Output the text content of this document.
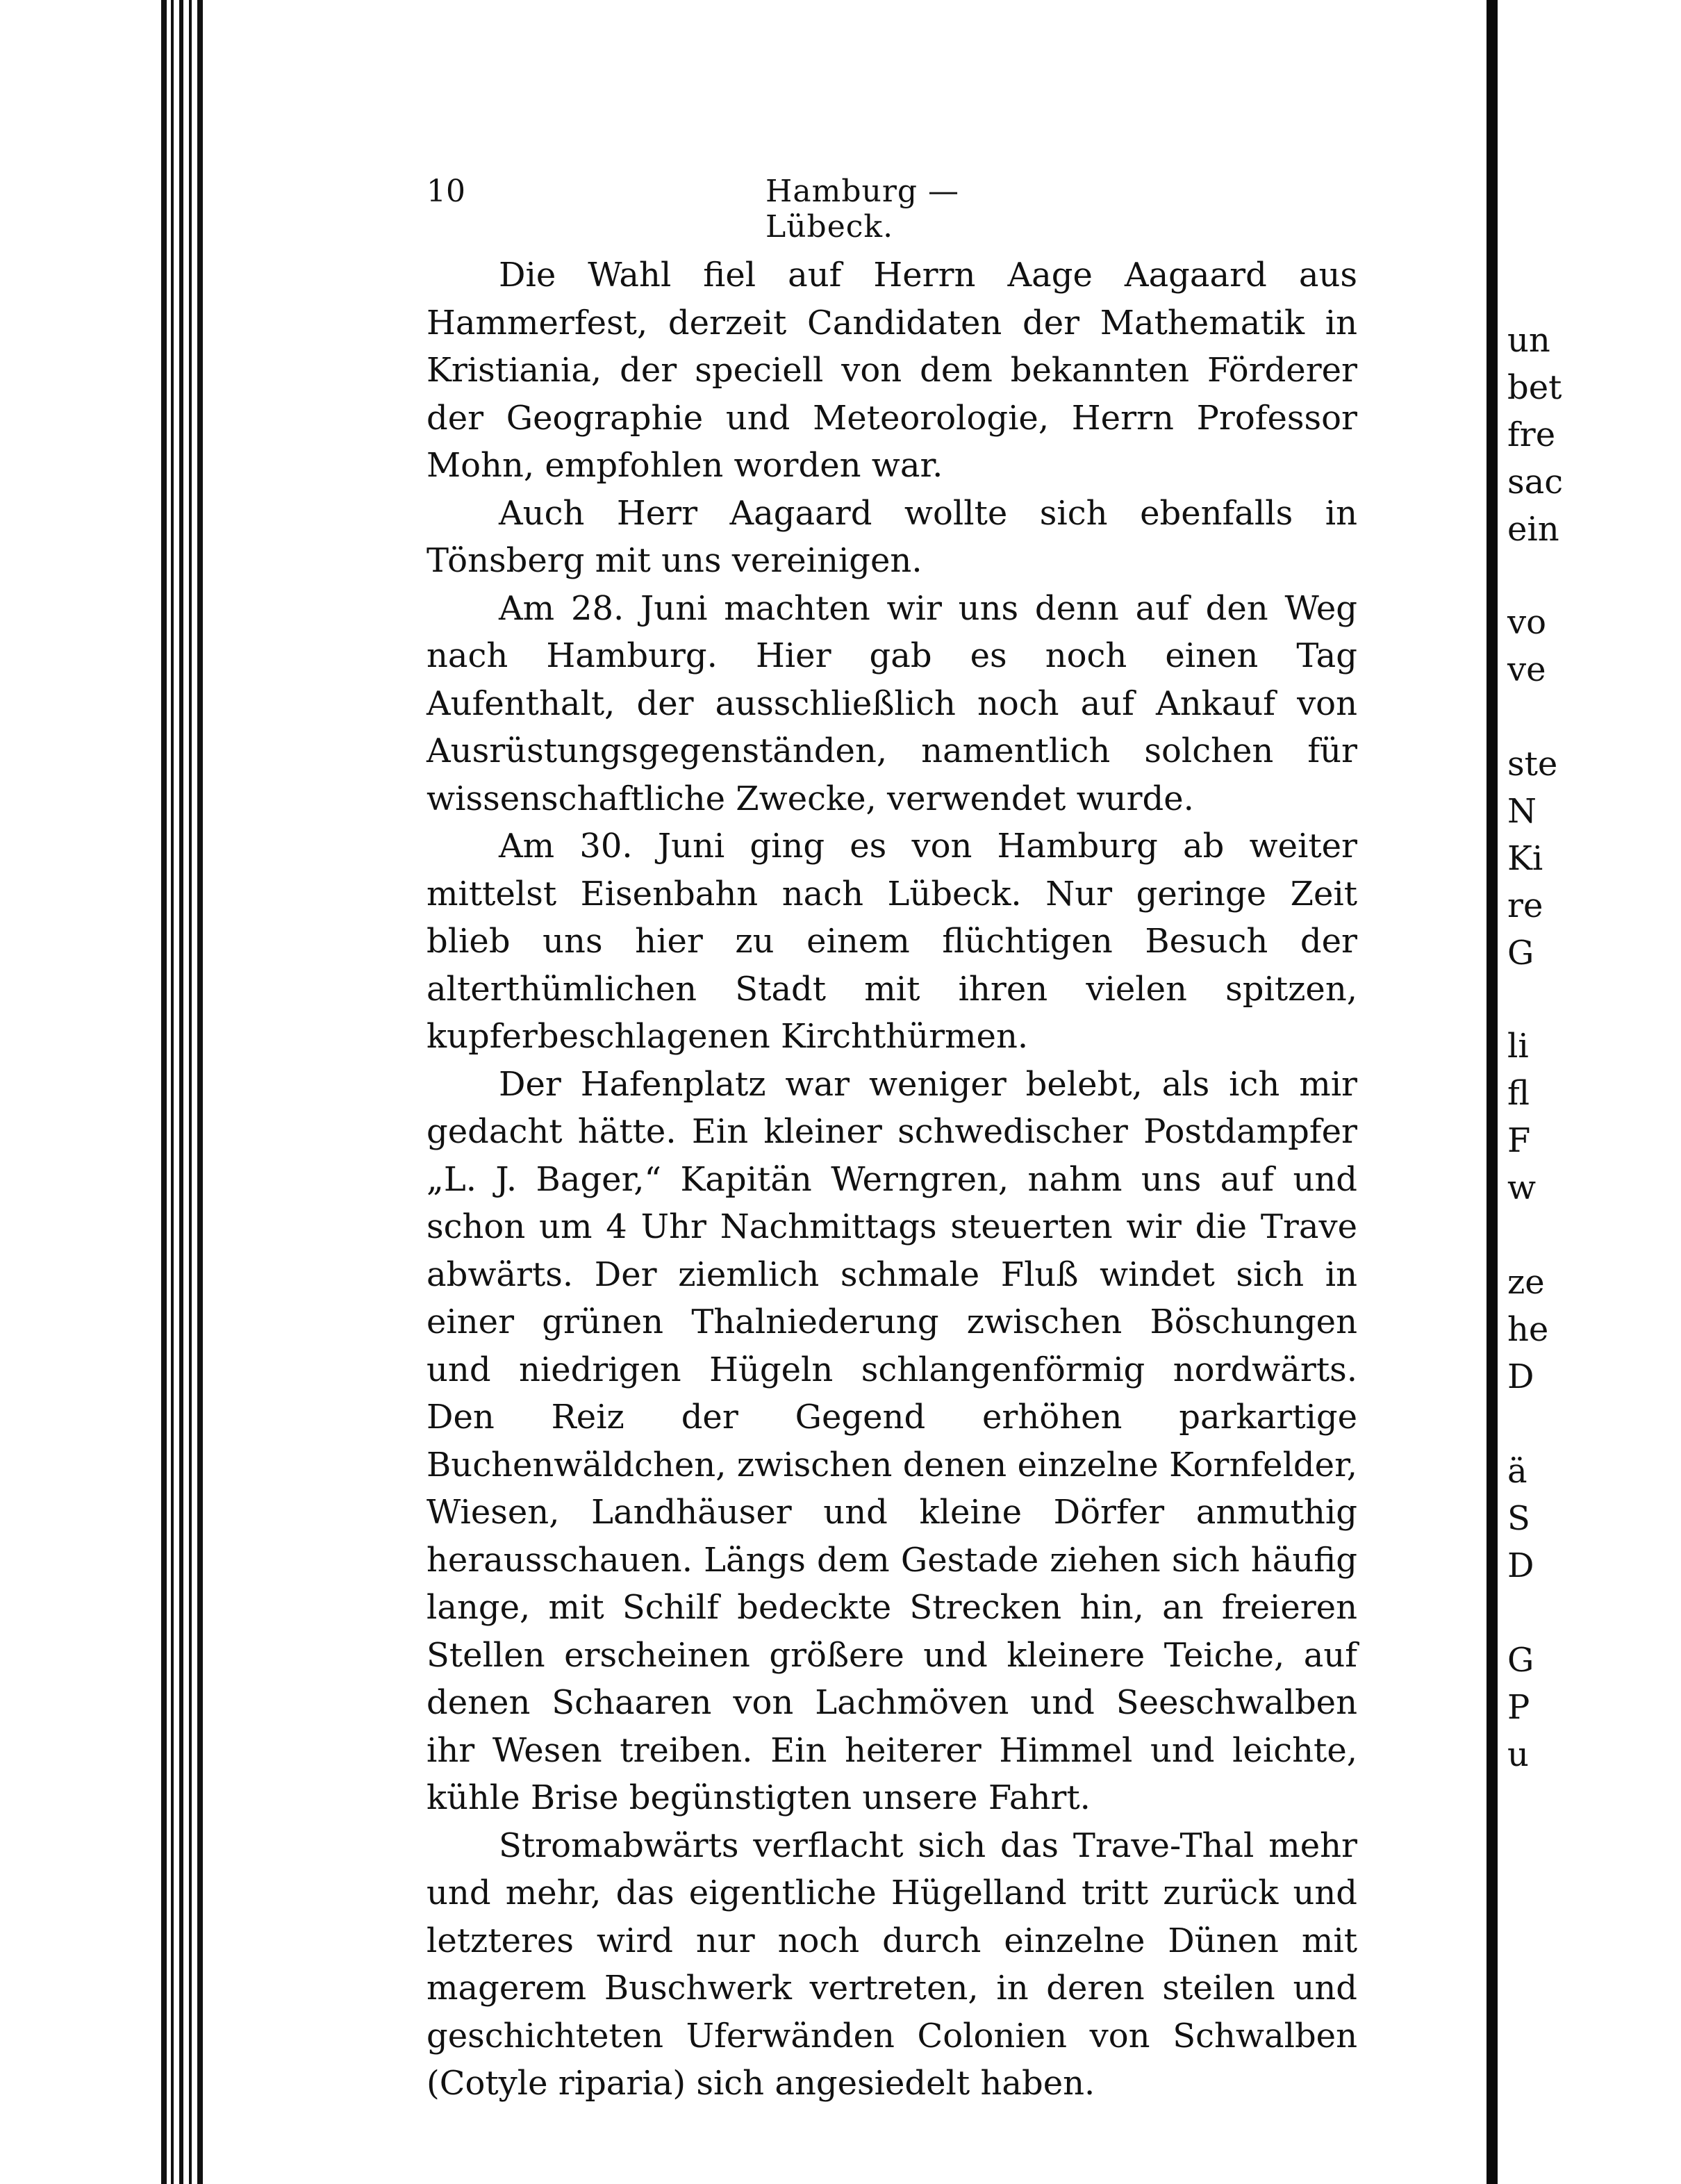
10	Hamburg — Lübeck.

Die Wahl fiel auf Herrn Aage Aagaard aus Hammerfest, derzeit Candidaten der Mathematik in Kristiania, der speciell von dem bekannten Förderer der Geographie und Meteorologie, Herrn Professor Mohn, empfohlen worden war.

Auch Herr Aagaard wollte sich ebenfalls in Tönsberg mit uns vereinigen.

Am 28. Juni machten wir uns denn auf den Weg nach Hamburg. Hier gab es noch einen Tag Aufenthalt, der ausschließlich noch auf Ankauf von Ausrüstungsgegenständen, namentlich solchen für wissenschaftliche Zwecke, verwendet wurde.

Am 30. Juni ging es von Hamburg ab weiter mittelst Eisenbahn nach Lübeck. Nur geringe Zeit blieb uns hier zu einem flüchtigen Besuch der alterthümlichen Stadt mit ihren vielen spitzen, kupferbeschlagenen Kirchthürmen.

Der Hafenplatz war weniger belebt, als ich mir gedacht hätte. Ein kleiner schwedischer Postdampfer „L. J. Bager,“ Kapitän Werngren, nahm uns auf und schon um 4 Uhr Nachmittags steuerten wir die Trave abwärts. Der ziemlich schmale Fluß windet sich in einer grünen Thalniederung zwischen Böschungen und niedrigen Hügeln schlangenförmig nordwärts. Den Reiz der Gegend erhöhen parkartige Buchenwäldchen, zwischen denen einzelne Kornfelder, Wiesen, Landhäuser und kleine Dörfer anmuthig herausschauen. Längs dem Gestade ziehen sich häufig lange, mit Schilf bedeckte Strecken hin, an freieren Stellen erscheinen größere und kleinere Teiche, auf denen Schaaren von Lachmöven und Seeschwalben ihr Wesen treiben. Ein heiterer Himmel und leichte, kühle Brise begünstigten unsere Fahrt.

Stromabwärts verflacht sich das Trave-Thal mehr und mehr, das eigentliche Hügelland tritt zurück und letzteres wird nur noch durch einzelne Dünen mit magerem Buschwerk vertreten, in deren steilen und geschichteten Uferwänden Colonien von Schwalben (Cotyle riparia) sich angesiedelt haben.

un
bet
fre
sac
ein
vo
ve
ste
N
Ki
re
G
li
fl
F
w
ze
he
D
ä
S
D
G
P
u
